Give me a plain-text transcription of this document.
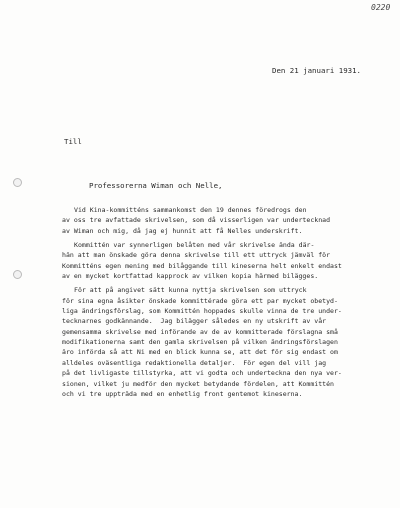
0220
Den 21 januari 1931.
Till
Professorerna Wiman och Nelle,
Vid Kina-kommitténs sammankomst den 19 dennes föredrogs den
av oss tre avfattade skrivelsen, som då visserligen var undertecknad
av Wiman och mig, då jag ej hunnit att få Nelles underskrift.
Kommittén var synnerligen belåten med vår skrivelse ända där-
hän att man önskade göra denna skrivelse till ett uttryck jämväl för
Kommitténs egen mening med bilåggande till kineserna helt enkelt endast
av en mycket kortfattad kapprock av vilken kopia härmed bilägges.
För att på angivet sätt kunna nyttja skrivelsen som uttryck
för sina egna åsikter önskade kommittérade göra ett par mycket obetyd-
liga ändringsförslag, som Kommittén hoppades skulle vinna de tre under-
tecknarnes godkännande.  Jag bilägger således en ny utskrift av vår
gemensamma skrivelse med införande av de av kommitterade förslagna små
modifikationerna samt den gamla skrivelsen på vilken ändringsförslagen
äro införda så att Ni med en blick kunna se, att det för sig endast om
alldeles oväsentliga redaktionella detaljer.  För egen del vill jag
på det livligaste tillstyrka, att vi godta och underteckna den nya ver-
sionen, vilket ju medför den mycket betydande fördelen, att Kommittén
och vi tre uppträda med en enhetlig front gentemot kineserna.
